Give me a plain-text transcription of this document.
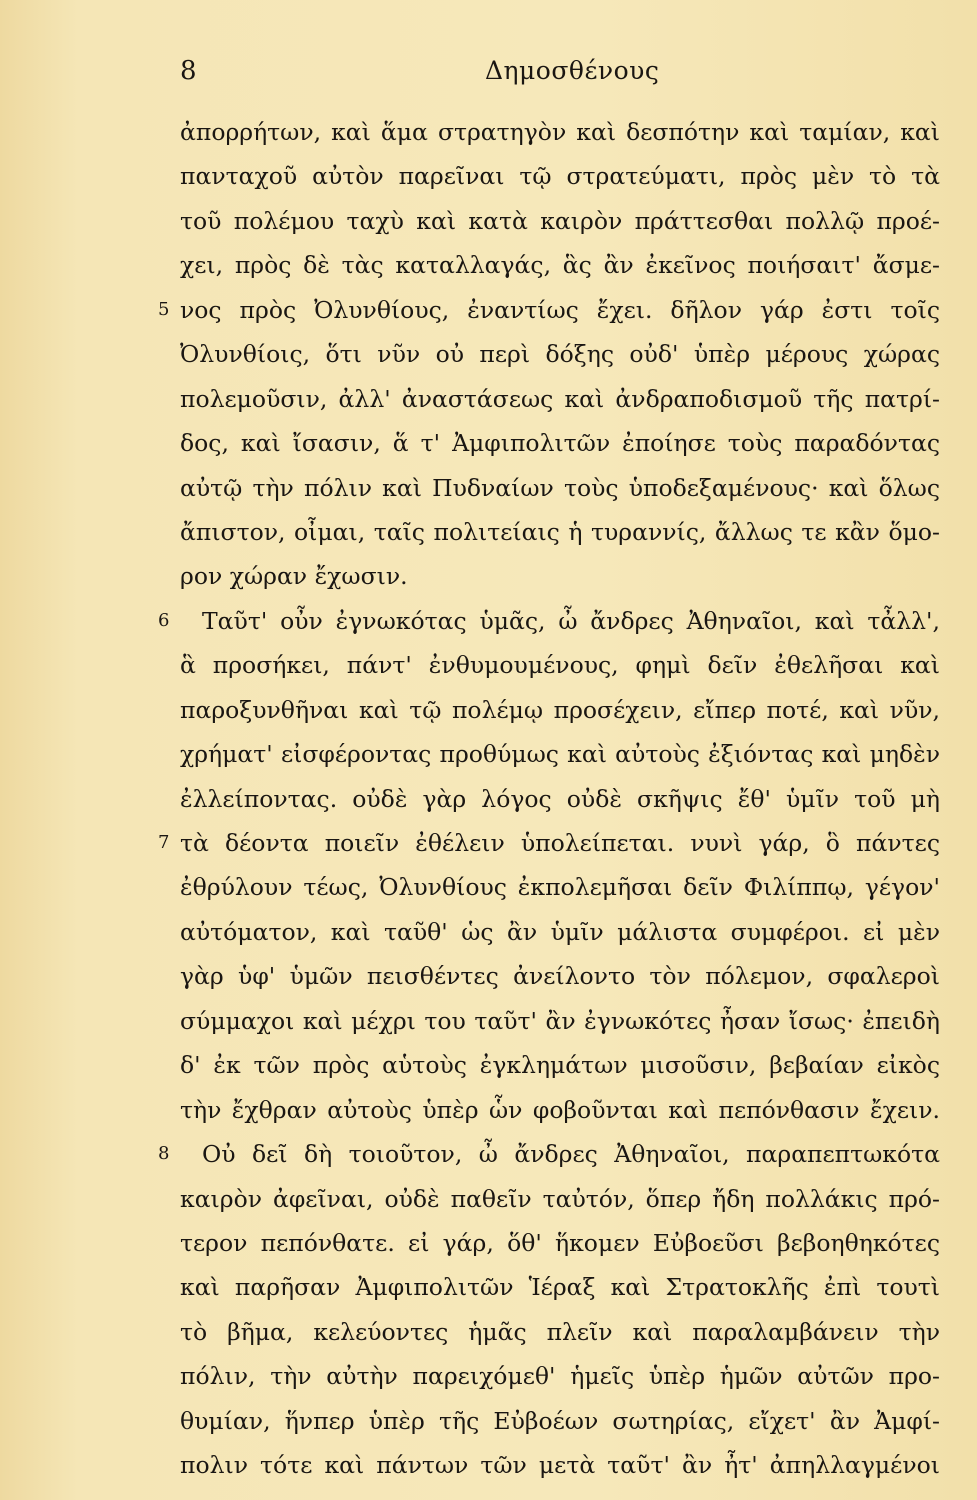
8	Δημοσθένους
ἀπορρήτων, καὶ ἅμα στρατηγὸν καὶ δεσπότην καὶ ταμίαν, καὶ
πανταχοῦ αὐτὸν παρεῖναι τῷ στρατεύματι, πρὸς μὲν τὸ τὰ
τοῦ πολέμου ταχὺ καὶ κατὰ καιρὸν πράττεσθαι πολλῷ προέ-
χει, πρὸς δὲ τὰς καταλλαγάς, ἃς ἂν ἐκεῖνος ποιήσαιτ' ἄσμε-
5 νος πρὸς Ὀλυνθίους, ἐναντίως ἔχει. δῆλον γάρ ἐστι τοῖς
Ὀλυνθίοις, ὅτι νῦν οὐ περὶ δόξης οὐδ' ὑπὲρ μέρους χώρας
πολεμοῦσιν, ἀλλ' ἀναστάσεως καὶ ἀνδραποδισμοῦ τῆς πατρί-
δος, καὶ ἴσασιν, ἅ τ' Ἀμφιπολιτῶν ἐποίησε τοὺς παραδόντας
αὐτῷ τὴν πόλιν καὶ Πυδναίων τοὺς ὑποδεξαμένους· καὶ ὅλως
ἄπιστον, οἶμαι, ταῖς πολιτείαις ἡ τυραννίς, ἄλλως τε κἂν ὅμο-
ρον χώραν ἔχωσιν.
6 Ταῦτ' οὖν ἐγνωκότας ὑμᾶς, ὦ ἄνδρες Ἀθηναῖοι, καὶ τἆλλ',
ἃ προσήκει, πάντ' ἐνθυμουμένους, φημὶ δεῖν ἐθελῆσαι καὶ
παροξυνθῆναι καὶ τῷ πολέμῳ προσέχειν, εἴπερ ποτέ, καὶ νῦν,
χρήματ' εἰσφέροντας προθύμως καὶ αὐτοὺς ἐξιόντας καὶ μηδὲν
ἐλλείποντας. οὐδὲ γὰρ λόγος οὐδὲ σκῆψις ἔθ' ὑμῖν τοῦ μὴ
7 τὰ δέοντα ποιεῖν ἐθέλειν ὑπολείπεται. νυνὶ γάρ, ὃ πάντες
ἐθρύλουν τέως, Ὀλυνθίους ἐκπολεμῆσαι δεῖν Φιλίππῳ, γέγον'
αὐτόματον, καὶ ταῦθ' ὡς ἂν ὑμῖν μάλιστα συμφέροι. εἰ μὲν
γὰρ ὑφ' ὑμῶν πεισθέντες ἀνείλοντο τὸν πόλεμον, σφαλεροὶ
σύμμαχοι καὶ μέχρι του ταῦτ' ἂν ἐγνωκότες ἦσαν ἴσως· ἐπειδὴ
δ' ἐκ τῶν πρὸς αὑτοὺς ἐγκλημάτων μισοῦσιν, βεβαίαν εἰκὸς
τὴν ἔχθραν αὐτοὺς ὑπὲρ ὧν φοβοῦνται καὶ πεπόνθασιν ἔχειν.
8 Οὐ δεῖ δὴ τοιοῦτον, ὦ ἄνδρες Ἀθηναῖοι, παραπεπτωκότα
καιρὸν ἀφεῖναι, οὐδὲ παθεῖν ταὐτόν, ὅπερ ἤδη πολλάκις πρό-
τερον πεπόνθατε. εἰ γάρ, ὅθ' ἥκομεν Εὐβοεῦσι βεβοηθηκότες
καὶ παρῆσαν Ἀμφιπολιτῶν Ἱέραξ καὶ Στρατοκλῆς ἐπὶ τουτὶ
τὸ βῆμα, κελεύοντες ἡμᾶς πλεῖν καὶ παραλαμβάνειν τὴν
πόλιν, τὴν αὐτὴν παρειχόμεθ' ἡμεῖς ὑπὲρ ἡμῶν αὐτῶν προ-
θυμίαν, ἥνπερ ὑπὲρ τῆς Εὐβοέων σωτηρίας, εἴχετ' ἂν Ἀμφί-
πολιν τότε καὶ πάντων τῶν μετὰ ταῦτ' ἂν ἦτ' ἀπηλλαγμένοι
